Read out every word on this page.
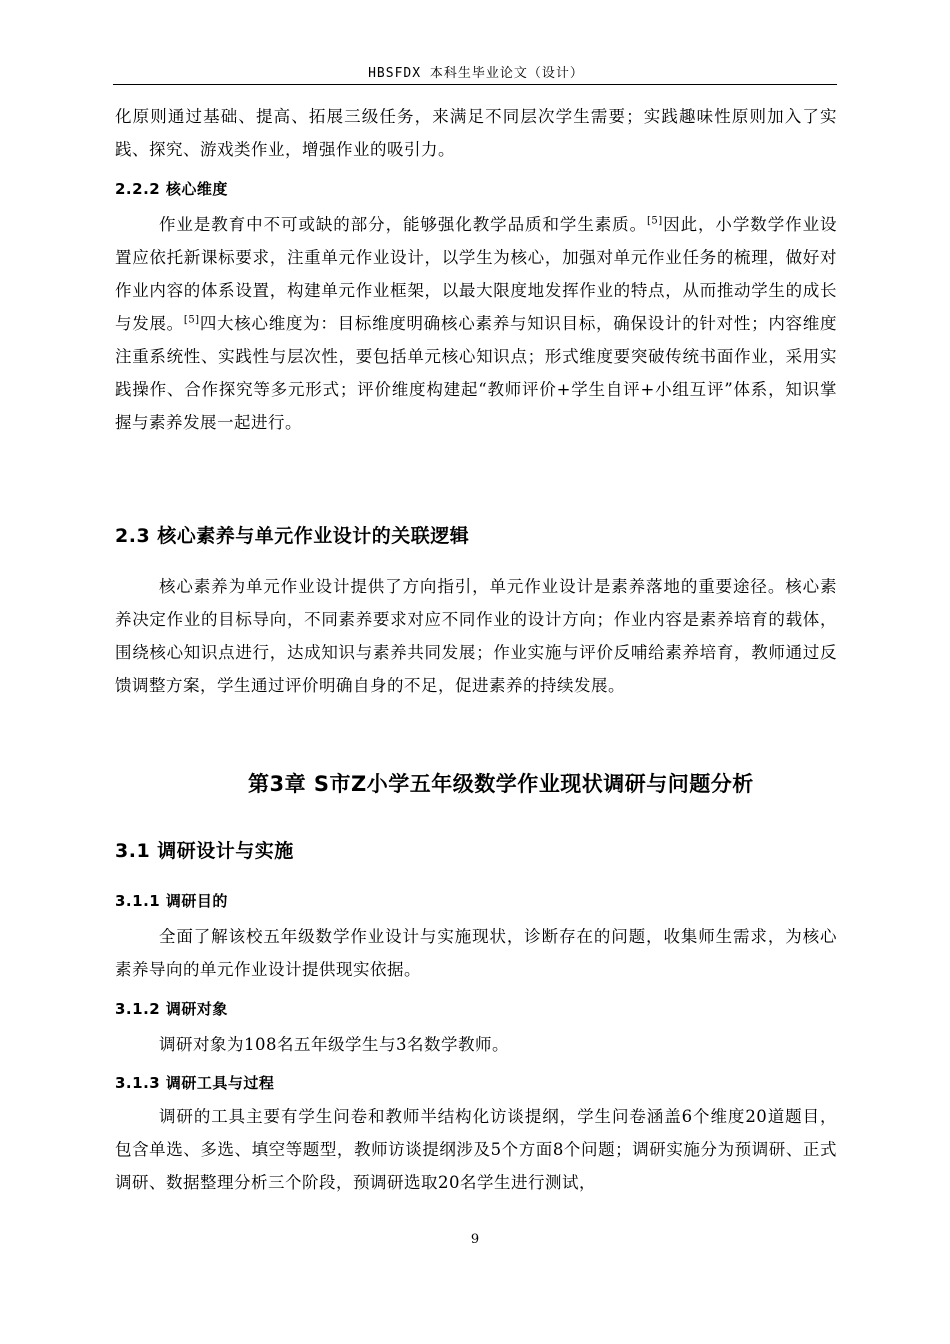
HBSFDX 本科生毕业论文（设计）

化原则通过基础、提高、拓展三级任务，来满足不同层次学生需要；实践趣味性原则加入了实践、探究、游戏类作业，增强作业的吸引力。

2.2.2 核心维度

作业是教育中不可或缺的部分，能够强化教学品质和学生素质。[5]因此，小学数学作业设置应依托新课标要求，注重单元作业设计，以学生为核心，加强对单元作业任务的梳理，做好对作业内容的体系设置，构建单元作业框架，以最大限度地发挥作业的特点，从而推动学生的成长与发展。[5]四大核心维度为：目标维度明确核心素养与知识目标，确保设计的针对性；内容维度注重系统性、实践性与层次性，要包括单元核心知识点；形式维度要突破传统书面作业，采用实践操作、合作探究等多元形式；评价维度构建起“教师评价+学生自评+小组互评”体系，知识掌握与素养发展一起进行。

2.3 核心素养与单元作业设计的关联逻辑

核心素养为单元作业设计提供了方向指引，单元作业设计是素养落地的重要途径。核心素养决定作业的目标导向，不同素养要求对应不同作业的设计方向；作业内容是素养培育的载体，围绕核心知识点进行，达成知识与素养共同发展；作业实施与评价反哺给素养培育，教师通过反馈调整方案，学生通过评价明确自身的不足，促进素养的持续发展。

第3章 S市Z小学五年级数学作业现状调研与问题分析
3.1 调研设计与实施
3.1.1 调研目的

全面了解该校五年级数学作业设计与实施现状，诊断存在的问题，收集师生需求，为核心素养导向的单元作业设计提供现实依据。

3.1.2 调研对象

调研对象为108名五年级学生与3名数学教师。

3.1.3 调研工具与过程

调研的工具主要有学生问卷和教师半结构化访谈提纲，学生问卷涵盖6个维度20道题目，包含单选、多选、填空等题型，教师访谈提纲涉及5个方面8个问题；调研实施分为预调研、正式调研、数据整理分析三个阶段，预调研选取20名学生进行测试，

9
